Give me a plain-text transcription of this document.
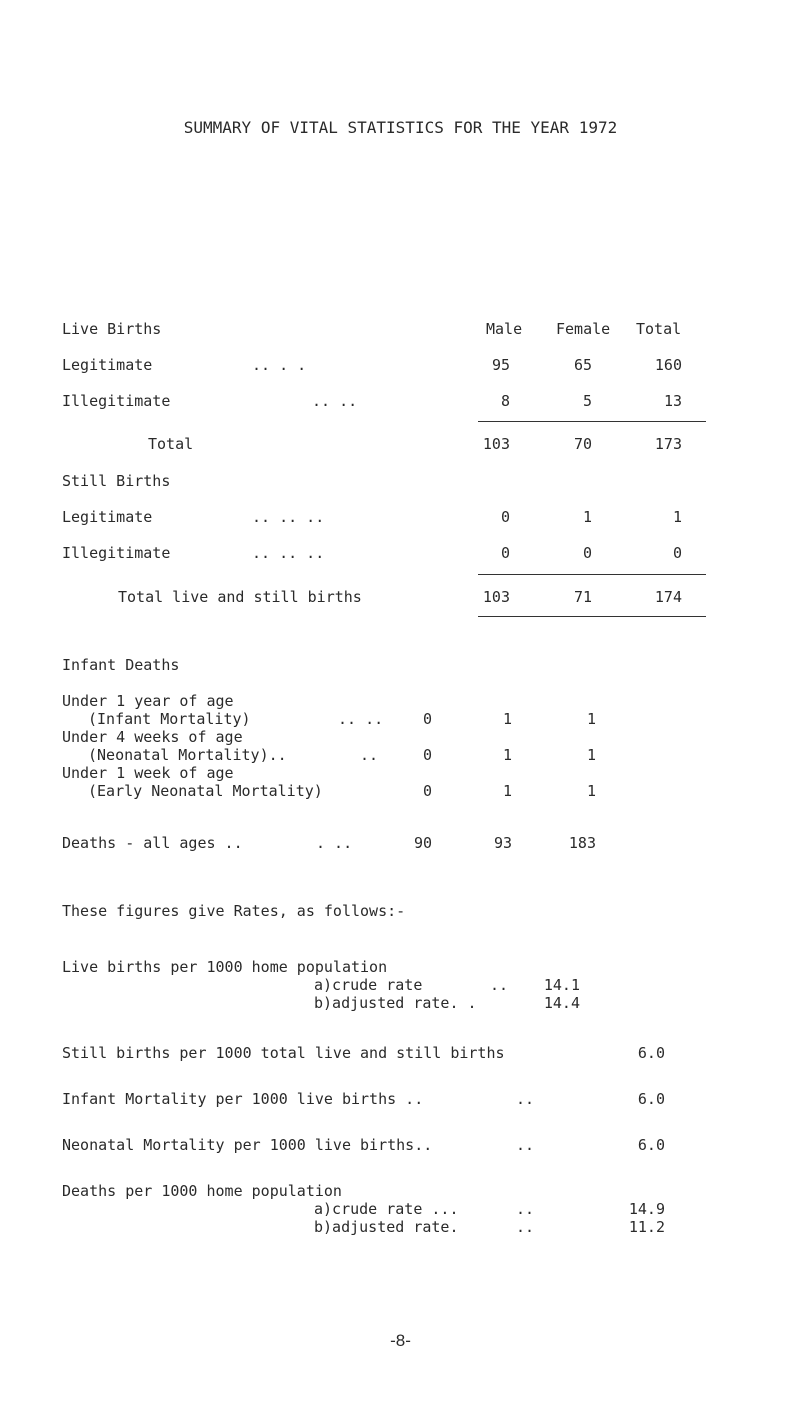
SUMMARY OF VITAL STATISTICS FOR THE YEAR 1972
Live Births	Male Female Total
Legitimate	.. . .	95	65	160
Illegitimate	.. ..	8	5	13
Total	103	70	173
Still Births
Legitimate	.. .. ..	0	1	1
Illegitimate	.. .. ..	0	0	0
Total live and still births	103	71	174
Infant Deaths
Under 1 year of age
(Infant Mortality)	.. ..	0	1	1
Under 4 weeks of age
(Neonatal Mortality)..	..	0	1	1
Under 1 week of age
(Early Neonatal Mortality)	0	1	1
Deaths - all ages ..	. ..	90	93	183
These figures give Rates, as follows:-
Live births per 1000 home population
a)crude rate	..	14.1
b)adjusted rate. .	14.4
Still births per 1000 total live and still births	6.0
Infant Mortality per 1000 live births ..	..	6.0
Neonatal Mortality per 1000 live births..	..	6.0
Deaths per 1000 home population
a)crude rate ...	..	14.9
b)adjusted rate.	..	11.2
-8-
